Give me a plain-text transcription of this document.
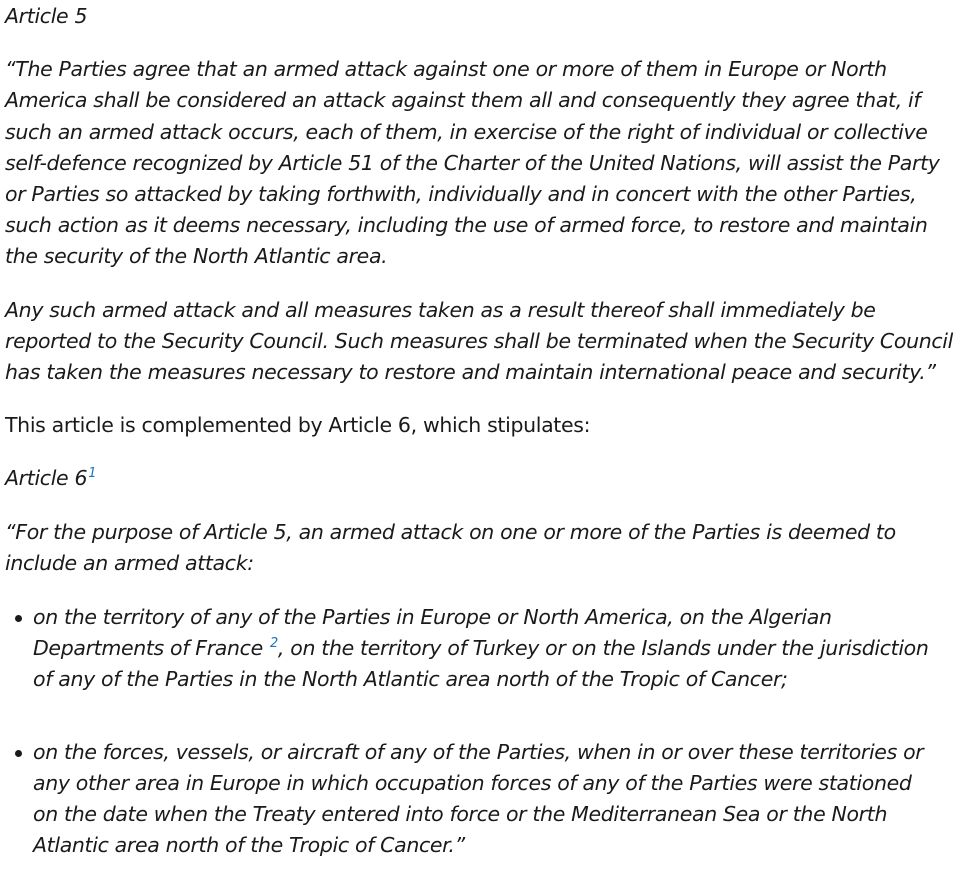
Article 5

“The Parties agree that an armed attack against one or more of them in Europe or North America shall be considered an attack against them all and consequently they agree that, if such an armed attack occurs, each of them, in exercise of the right of individual or collective self-defence recognized by Article 51 of the Charter of the United Nations, will assist the Party or Parties so attacked by taking forthwith, individually and in concert with the other Parties, such action as it deems necessary, including the use of armed force, to restore and maintain the security of the North Atlantic area.

Any such armed attack and all measures taken as a result thereof shall immediately be reported to the Security Council. Such measures shall be terminated when the Security Council has taken the measures necessary to restore and maintain international peace and security.”

This article is complemented by Article 6, which stipulates:

Article 6$^1$

“For the purpose of Article 5, an armed attack on one or more of the Parties is deemed to include an armed attack:

on the territory of any of the Parties in Europe or North America, on the Algerian Departments of France $^2$, on the territory of Turkey or on the Islands under the jurisdiction of any of the Parties in the North Atlantic area north of the Tropic of Cancer;
on the forces, vessels, or aircraft of any of the Parties, when in or over these territories or any other area in Europe in which occupation forces of any of the Parties were stationed on the date when the Treaty entered into force or the Mediterranean Sea or the North Atlantic area north of the Tropic of Cancer.”
